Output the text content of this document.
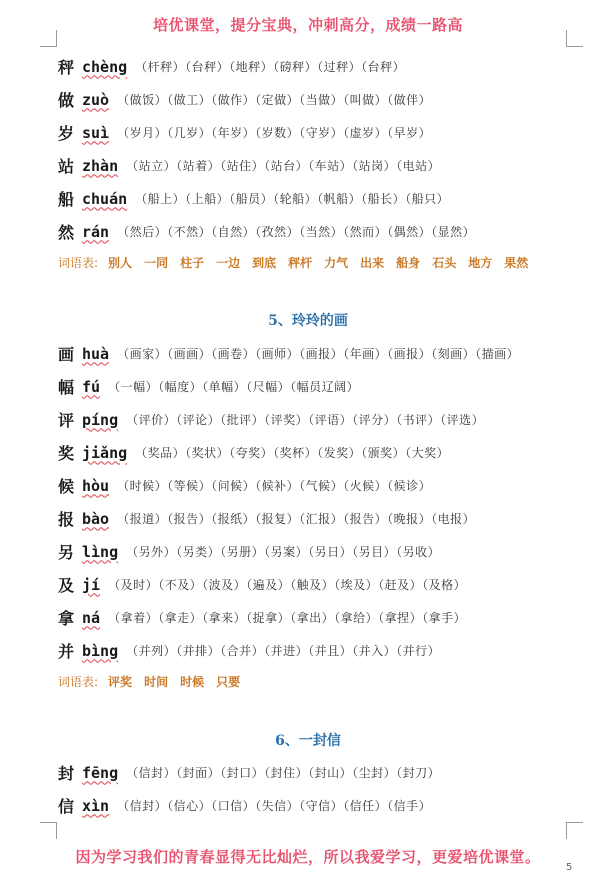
培优课堂，提分宝典，冲刺高分，成绩一路高
秤 chèng （杆秤）（台秤）（地秤）（磅秤）（过秤）（台秤）
做 zuò （做饭）（做工）（做作）（定做）（当做）（叫做）（做伴）
岁 suì （岁月）（几岁）（年岁）（岁数）（守岁）（虚岁）（早岁）
站 zhàn （站立）（站着）（站住）（站台）（车站）（站岗）（电站）
船 chuán （船上）（上船）（船员）（轮船）（帆船）（船长）（船只）
然 rán （然后）（不然）（自然）（孜然）（当然）（然而）（偶然）（显然）
词语表: 别人 一同 柱子 一边 到底 秤杆 力气 出来 船身 石头 地方 果然
5、玲玲的画
画 huà （画家）（画画）（画卷）（画师）（画报）（年画）（画报）（刻画）（描画）
幅 fú （一幅）（幅度）（单幅）（尺幅）（幅员辽阔）
评 píng （评价）（评论）（批评）（评奖）（评语）（评分）（书评）（评选）
奖 jiǎng （奖品）（奖状）（夸奖）（奖杯）（发奖）（颁奖）（大奖）
候 hòu （时候）（等候）（问候）（候补）（气候）（火候）（候诊）
报 bào （报道）（报告）（报纸）（报复）（汇报）（报告）（晚报）（电报）
另 lìng （另外）（另类）（另册）（另案）（另日）（另目）（另收）
及 jí （及时）（不及）（波及）（遍及）（触及）（埃及）（赶及）（及格）
拿 ná （拿着）（拿走）（拿来）（捉拿）（拿出）（拿给）（拿捏）（拿手）
并 bìng （并列）（并排）（合并）（并进）（并且）（并入）（并行）
词语表: 评奖 时间 时候 只要
6、一封信
封 fēng （信封）（封面）（封口）（封住）（封山）（尘封）（封刀）
信 xìn （信封）（信心）（口信）（失信）（守信）（信任）（信手）
因为学习我们的青春显得无比灿烂，所以我爱学习，更爱培优课堂。
5
